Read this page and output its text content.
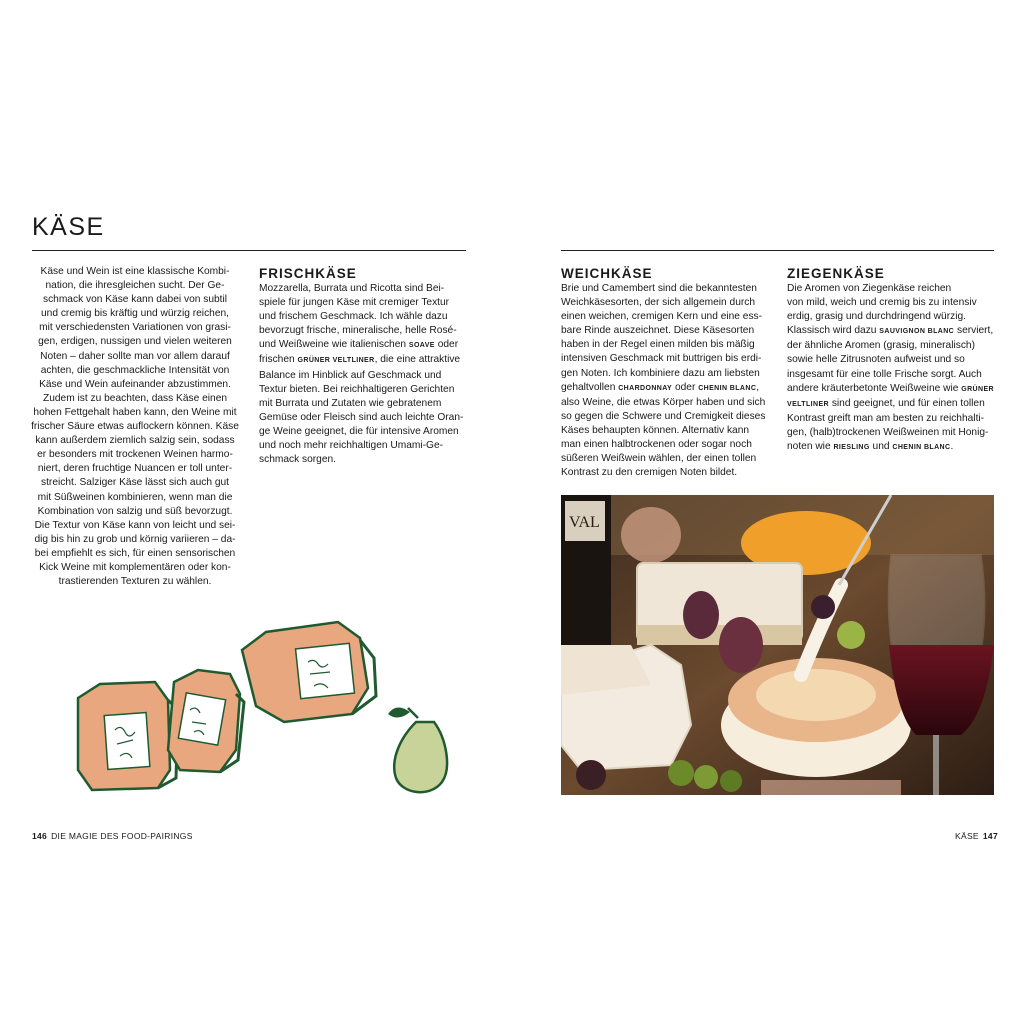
KÄSE

Käse und Wein ist eine klassische Kombi-
nation, die ihresgleichen sucht. Der Ge-
schmack von Käse kann dabei von subtil
und cremig bis kräftig und würzig reichen,
mit verschiedensten Variationen von grasi-
gen, erdigen, nussigen und vielen weiteren
Noten – daher sollte man vor allem darauf
achten, die geschmackliche Intensität von
Käse und Wein aufeinander abzustimmen.
Zudem ist zu beachten, dass Käse einen
hohen Fettgehalt haben kann, den Weine mit
frischer Säure etwas auflockern können. Käse
kann außerdem ziemlich salzig sein, sodass
er besonders mit trockenen Weinen harmo-
niert, deren fruchtige Nuancen er toll unter-
streicht. Salziger Käse lässt sich auch gut
mit Süßweinen kombinieren, wenn man die
Kombination von salzig und süß bevorzugt.
Die Textur von Käse kann von leicht und sei-
dig bis hin zu grob und körnig variieren – da-
bei empfiehlt es sich, für einen sensorischen
Kick Weine mit komplementären oder kon-
trastierenden Texturen zu wählen.

FRISCHKÄSE

Mozzarella, Burrata und Ricotta sind Bei-
spiele für jungen Käse mit cremiger Textur
und frischem Geschmack. Ich wähle dazu
bevorzugt frische, mineralische, helle Rosé-
und Weißweine wie italienischen SOAVE oder
frischen GRÜNER VELTLINER, die eine attraktive
Balance im Hinblick auf Geschmack und
Textur bieten. Bei reichhaltigeren Gerichten
mit Burrata und Zutaten wie gebratenem
Gemüse oder Fleisch sind auch leichte Oran-
ge Weine geeignet, die für intensive Aromen
und noch mehr reichhaltigen Umami-Ge-
schmack sorgen.

146 DIE MAGIE DES FOOD-PAIRINGS
WEICHKÄSE

Brie und Camembert sind die bekanntesten
Weichkäsesorten, der sich allgemein durch
einen weichen, cremigen Kern und eine ess-
bare Rinde auszeichnet. Diese Käsesorten
haben in der Regel einen milden bis mäßig
intensiven Geschmack mit buttrigen bis erdi-
gen Noten. Ich kombiniere dazu am liebsten
gehaltvollen CHARDONNAY oder CHENIN BLANC,
also Weine, die etwas Körper haben und sich
so gegen die Schwere und Cremigkeit dieses
Käses behaupten können. Alternativ kann
man einen halbtrockenen oder sogar noch
süßeren Weißwein wählen, der einen tollen
Kontrast zu den cremigen Noten bildet.

ZIEGENKÄSE

Die Aromen von Ziegenkäse reichen
von mild, weich und cremig bis zu intensiv
erdig, grasig und durchdringend würzig.
Klassisch wird dazu SAUVIGNON BLANC serviert,
der ähnliche Aromen (grasig, mineralisch)
sowie helle Zitrusnoten aufweist und so
insgesamt für eine tolle Frische sorgt. Auch
andere kräuterbetonte Weißweine wie GRÜNER
VELTLINER sind geeignet, und für einen tollen
Kontrast greift man am besten zu reichhalti-
gen, (halb)trockenen Weißweinen mit Honig-
noten wie RIESLING und CHENIN BLANC.

VAL
KÄSE 147
